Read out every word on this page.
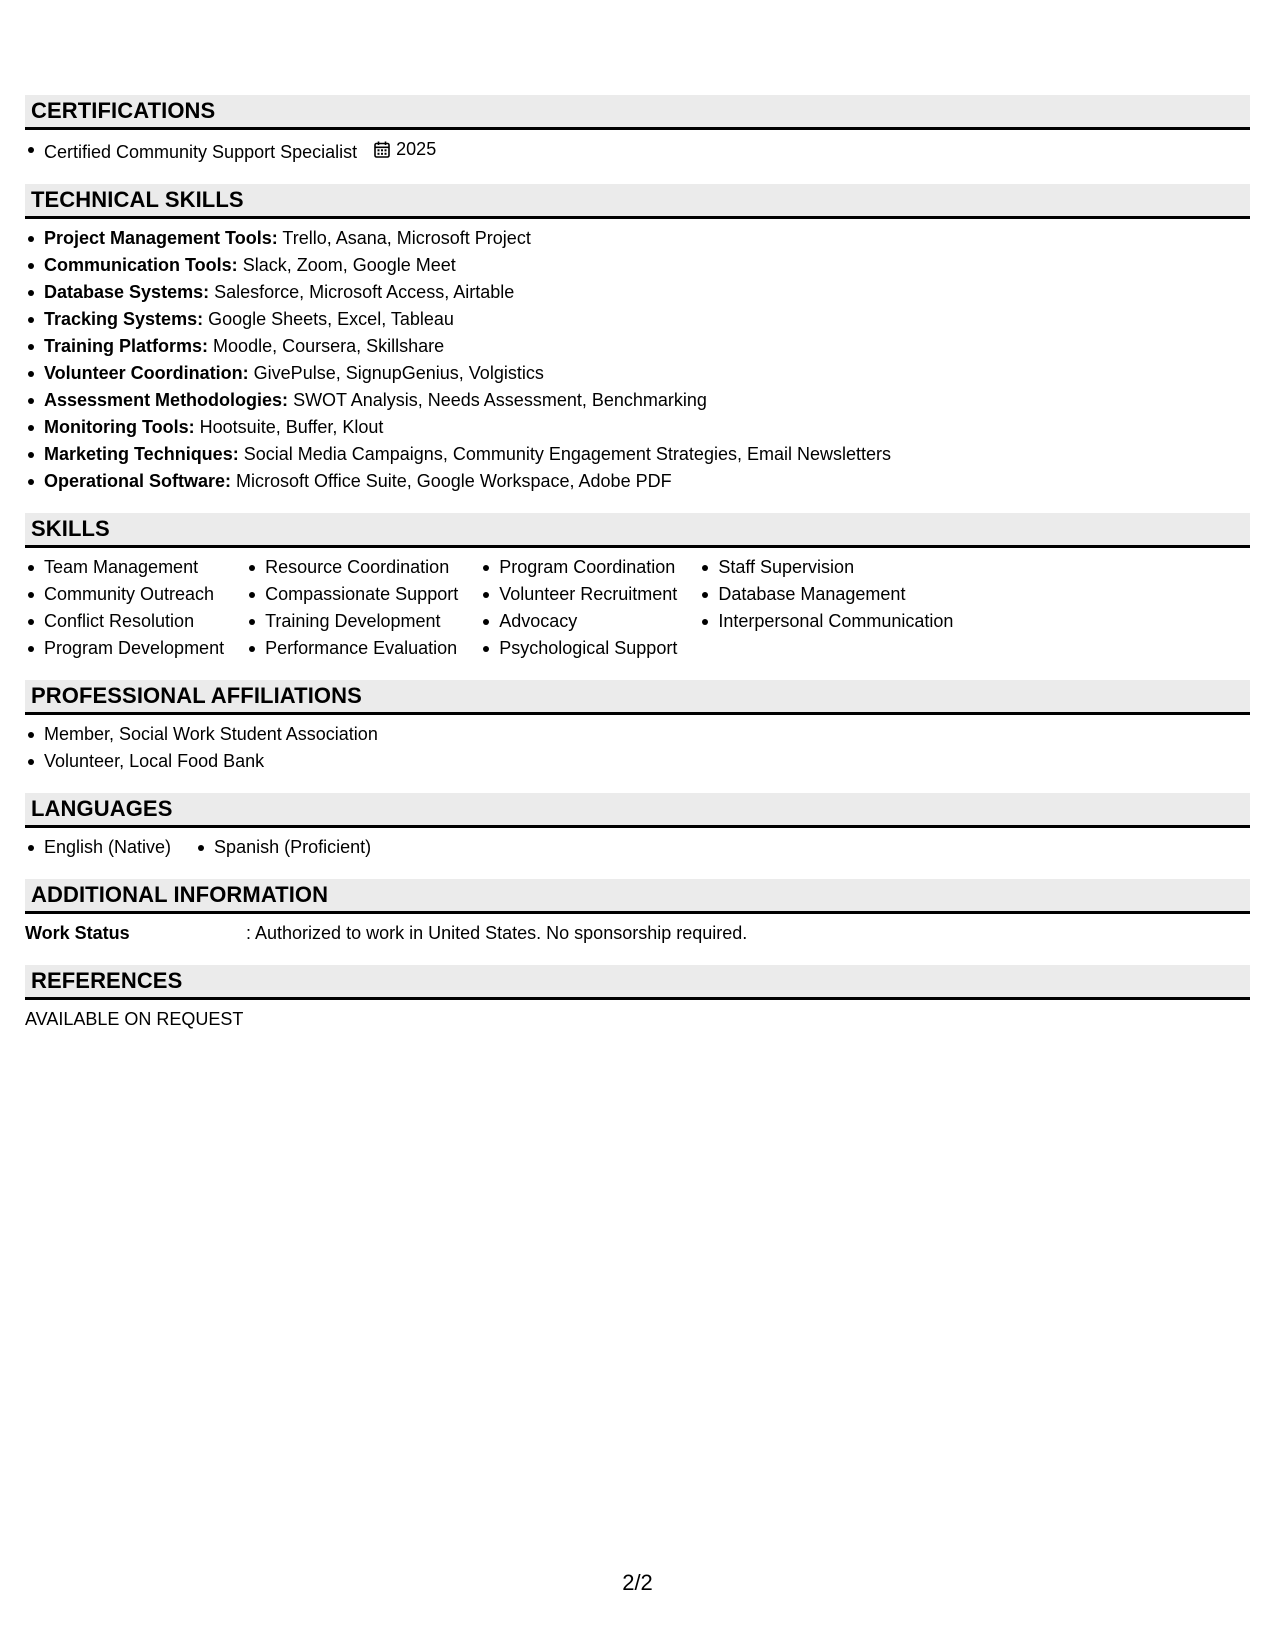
CERTIFICATIONS
Certified Community Support Specialist 2025
TECHNICAL SKILLS
Project Management Tools: Trello, Asana, Microsoft Project
Communication Tools: Slack, Zoom, Google Meet
Database Systems: Salesforce, Microsoft Access, Airtable
Tracking Systems: Google Sheets, Excel, Tableau
Training Platforms: Moodle, Coursera, Skillshare
Volunteer Coordination: GivePulse, SignupGenius, Volgistics
Assessment Methodologies: SWOT Analysis, Needs Assessment, Benchmarking
Monitoring Tools: Hootsuite, Buffer, Klout
Marketing Techniques: Social Media Campaigns, Community Engagement Strategies, Email Newsletters
Operational Software: Microsoft Office Suite, Google Workspace, Adobe PDF
SKILLS
Team Management
Community Outreach
Conflict Resolution
Program Development
Resource Coordination
Compassionate Support
Training Development
Performance Evaluation
Program Coordination
Volunteer Recruitment
Advocacy
Psychological Support
Staff Supervision
Database Management
Interpersonal Communication
PROFESSIONAL AFFILIATIONS
Member, Social Work Student Association
Volunteer, Local Food Bank
LANGUAGES
English (Native)	Spanish (Proficient)
ADDITIONAL INFORMATION
Work Status	: Authorized to work in United States. No sponsorship required.
REFERENCES
AVAILABLE ON REQUEST
2/2
